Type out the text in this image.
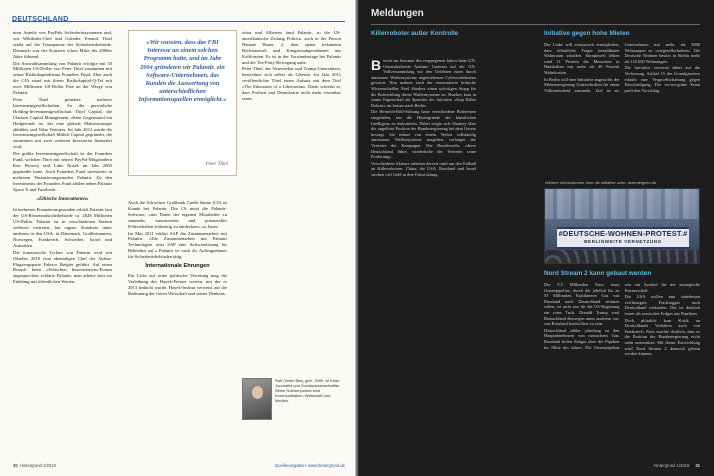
DEUTSCHLAND

niert Anteile von PayPals Sicherheitssystemen und, wie Wikileaks-Chef und Gründer, Freund. Thiel setzte auf die Transparenz der Sicherheitsbehörde. Demnach war der Konzern schon Mitte der 2000er Jahre führend.

Die Auswahlsammlung von Palantir erfolgte mit 30 Millionen US-Dollar von Peter Thiel zusammen mit seiner Risikokapitalfirma Founders Fund. Aber auch die CIA stand mit ihrem Risikokapital-Q-Tel mit zwei Millionen US-Dollar Pate an der Wiege von Palantir.

Peter Thiel gründete mehrere Investmentgesellschaften. So die persönliche Holding-Investmentgesellschaft Thiel Capital, die Clarium Capital Management, deren Gegenstand ein Hedgefonds ist, der eine globale Makrostrategie abbildet, und Valar Ventures. Im Jahr 2012 wurde die Investmentgesellschaft Mithril Capital gegründet, die zusammen mit zwei weiteren Investoren finanziert wird.

Die größte Investmentgesellschaft ist der Founders Fund, welchen Thiel mit seinen PayPal-Mitgründern Ken Howery und Luke Nosek im Jahr 2005 gegründet hatte. Auch Founders Fund investierte in mehreren Finanzierungsrunden Palantir. Zu den Investments des Founders Fund zählen neben Palantir Space X und Facebook.

»Ethische Innovationen«

In mehreren Finanzierungsrunden erhielt Palantir laut der US-Börsenaufsichtsbehörde ca. 2028 Millionen US-Dollar. Palantir ist in verschiedenen Staaten weltweit vertreten, hat eigene Standorte unter anderem in den USA, in Dänemark, Großbritannien, Norwegen, Frankreich, Schweden, Israel und Australien.

Die französische Tochter von Palantir wird seit Oktober 2018 vom ehemaligen Chef der Airbus-Flugzeugsparte Fabrice Brégier geführt. Auf einen Besuch beim »Ethischen Innovationen«-Forum angesprochen, erklärte Palantir, man arbeite stets im Einklang mit öffentlichen Werten.

»Wir wussten, dass das FBI Interesse an einem solchen Programm hatte, und im Jahr 2004 gründeten wir Palantir, ein Software-Unternehmen, das Kunden die Auswertung von unterschiedlichen Informationsquellen ermöglicht.«
Peter Thiel

Auch die Schweizer Großbank Credit Suisse (CS) ist Kunde bei Palantir. Die CS nutzt die Palantir-Software, »um Daten der eigenen Mitarbeiter zu sammeln, auszuwerten und potenzielles Fehlverhalten frühzeitig zu entdecken«, so Jones.

Im Mai 2011 erklärt SAP die Zusammenarbeit mit Palantir. »Die Zusammenarbeit mit Palantir Technologies setzt SAP eine Softwarelösung für Behörden auf.« Palantir ist auch als Auftragnehmer für Sicherheitsbehörden tätig.

Internationale Ehrungen

Ein Licht auf seine politische Verortung mag die Verleihung des Hayek-Preises werfen, mit der er 2013 bedacht wurde. Hayek-Institut verweist auf die Bedeutung der freien Wirtschaft und seines Denkens.

ztirat und Allierten fand Palantir, so die US-amerikanische Zeitung Politico, auch in der Person Hanane Hauer, 2, dem später bekannten Rechtsanwalt und Kongressabgeordneten aus Kalifornien. Er ist in der Vorstandsetage bei Palantir und der Tea-Party-Bewegung nahe.

Peter Thiel, der Netzwerker und Trump-Unterstützer, bezeichnet sich selbst als Libertär. Im Jahr 2011 veröffentlichte Thiel einen Aufsatz mit dem Titel »The Education of a Libertarian«. Darin schreibt er, dass Freiheit und Demokratie nicht mehr vereinbar seien.

Ralf Oetter Bley, geb. 1989, ist freier Journalist und Sozialwissenschaftler. Seine Schwerpunkte sind Kommunikation, Wirtschaft und Medien.
30 Hintergrund 1/2019	Quellenangaben: www.hintergrund.de
Meldungen
Killerroboter außer Kontrolle

Bereits im Sommer des vergangenen Jahres hatte UN-Generalsekretär António Guterres auf der UN-Vollversammlung vor den Gefahren eines durch autonome Waffensysteme angetriebenen Cyberwettrüstens gewarnt. Nun mahnte auch der renommierte britische Wissenschaftler Noel Sharkey einen sofortigen Stopp für die Entwicklung dieser Waffensysteme an. Sharkey kam in seiner Eigenschaft als Sprecher der Initiative »Stop Killer Robots« im Januar nach Berlin.

Die Heinrich-Böll-Stiftung hatte verschiedene Referenten eingeladen, um die Hintergründe der künstlichen Intelligenz zu diskutieren. Dabei zeigte sich Sharkey über die ungelöste Position der Bundesregierung bei dem Gesetz besorgt. Sie müsse von einem Verbot vollständig autonomer Waffensysteme ausgehen, verlangte der Vertreter der Kampagne. Die Bundeswehr, »diese Deutschland führe, wiederholte der Vertreter seine Forderung«.

Verschiedene Akteure arbeiten derzeit rund um den Erdball an Killerrobotern. China, die USA, Russland und Israel stecken viel Geld in ihre Entwicklung.

Initiative gegen hohe Mieten

Die Linke will europaweit ermöglichen, dass öffentliche Träger bezahlbaren Wohnraum schaffen. Europaweit lebten rund 11 Prozent der Menschen in Haushalten mit mehr als 40 Prozent Wohnkosten.

In Berlin will eine Initiative angesichts der Mietensteigerung Unterschriften für einen Volksentscheid sammeln. Ziel ist es, Unternehmen mit mehr als 3000 Wohnungen zu »vergesellschaften«. Die Deutsche Wohnen besitzt in Berlin mehr als 110.000 Wohnungen.

Die Initiative verweist dabei auf die Verfassung. Artikel 15 des Grundgesetzes erlaubt eine Vergesellschaftung gegen Entschädigung. Der rot-rot-grüne Senat prüft den Vorschlag.

Weitere Informationen über die Initiative unter: dwenteignen.de
#DEUTSCHE-WOHNEN-PROTEST.#
BERLINWEITE VERNETZUNG
Nord Stream 2 kann gebaut werden

Die 9,5 Milliarden Euro teure Ostseepipeline, durch die jährlich bis zu 55 Milliarden Kubikmeter Gas von Russland nach Deutschland strömen sollen, ist nicht nur für die US-Regierung ein rotes Tuch. Donald Trump warf Deutschland deswegen unter anderem vor, von Russland kontrolliert zu sein.

Deutschland zählte jahrelang zu den Hauptabnehmern von russischem Gas. Russland liefert Erdgas über die Pipeline bis Mitte des Jahres. Die Ostseepipeline war ein Symbol für die strategische Partnerschaft.

Die USA wollen nun stattdessen verflüssigtes Frackinggas nach Deutschland verkaufen. Das ist deutlich teurer als russisches Erdgas aus Pipelines.

Doch plötzlich kam Kritik an Deutschlands Verhalten auch von Frankreich. Paris machte deutlich, dass es die Position der Bundesregierung nicht mehr unterstütze. Mit dieser Entwicklung wird Nord Stream 2 dennoch gebaut werden können.

Hintergrund 1/2019 31
